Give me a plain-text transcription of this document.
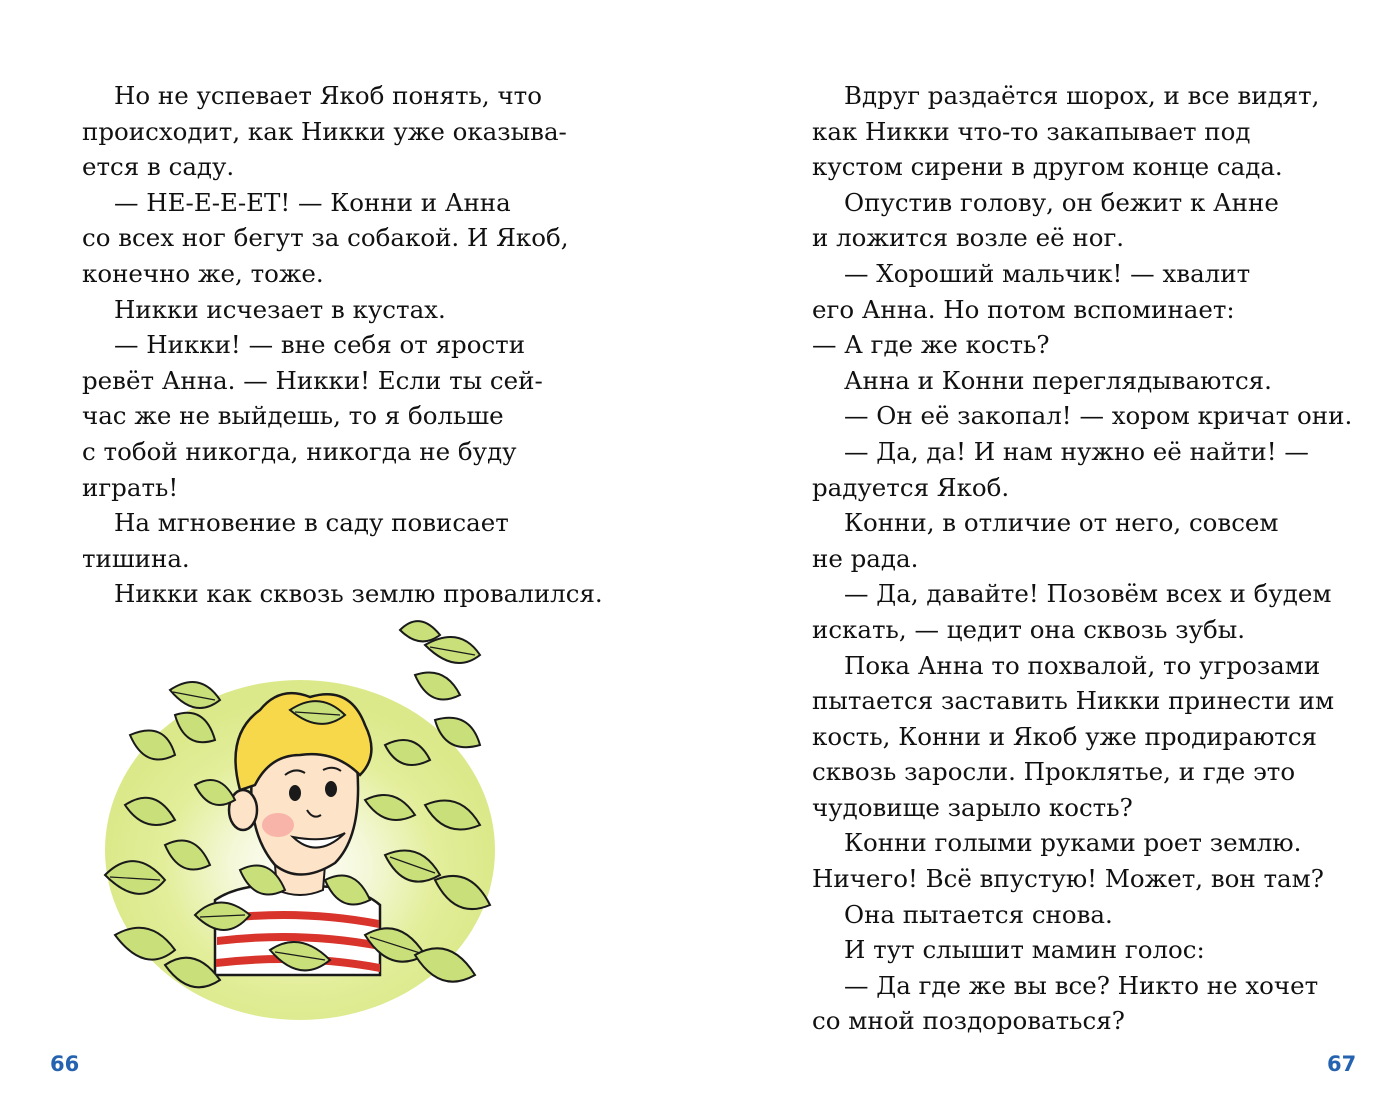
Но не успевает Якоб понять, что
происходит, как Никки уже оказыва-
ется в саду.
— НЕ-Е-Е-ЕТ! — Конни и Анна
со всех ног бегут за собакой. И Якоб,
конечно же, тоже.
Никки исчезает в кустах.
— Никки! — вне себя от ярости
ревёт Анна. — Никки! Если ты сей-
час же не выйдешь, то я больше
с тобой никогда, никогда не буду
играть!
На мгновение в саду повисает
тишина.
Никки как сквозь землю провалился.
66
Вдруг раздаётся шорох, и все видят,
как Никки что-то закапывает под
кустом сирени в другом конце сада.
Опустив голову, он бежит к Анне
и ложится возле её ног.
— Хороший мальчик! — хвалит
его Анна. Но потом вспоминает:
— А где же кость?
Анна и Конни переглядываются.
— Он её закопал! — хором кричат они.
— Да, да! И нам нужно её найти! —
радуется Якоб.
Конни, в отличие от него, совсем
не рада.
— Да, давайте! Позовём всех и будем
искать, — цедит она сквозь зубы.
Пока Анна то похвалой, то угрозами
пытается заставить Никки принести им
кость, Конни и Якоб уже продираются
сквозь заросли. Проклятье, и где это
чудовище зарыло кость?
Конни голыми руками роет землю.
Ничего! Всё впустую! Может, вон там?
Она пытается снова.
И тут слышит мамин голос:
— Да где же вы все? Никто не хочет
со мной поздороваться?
67
